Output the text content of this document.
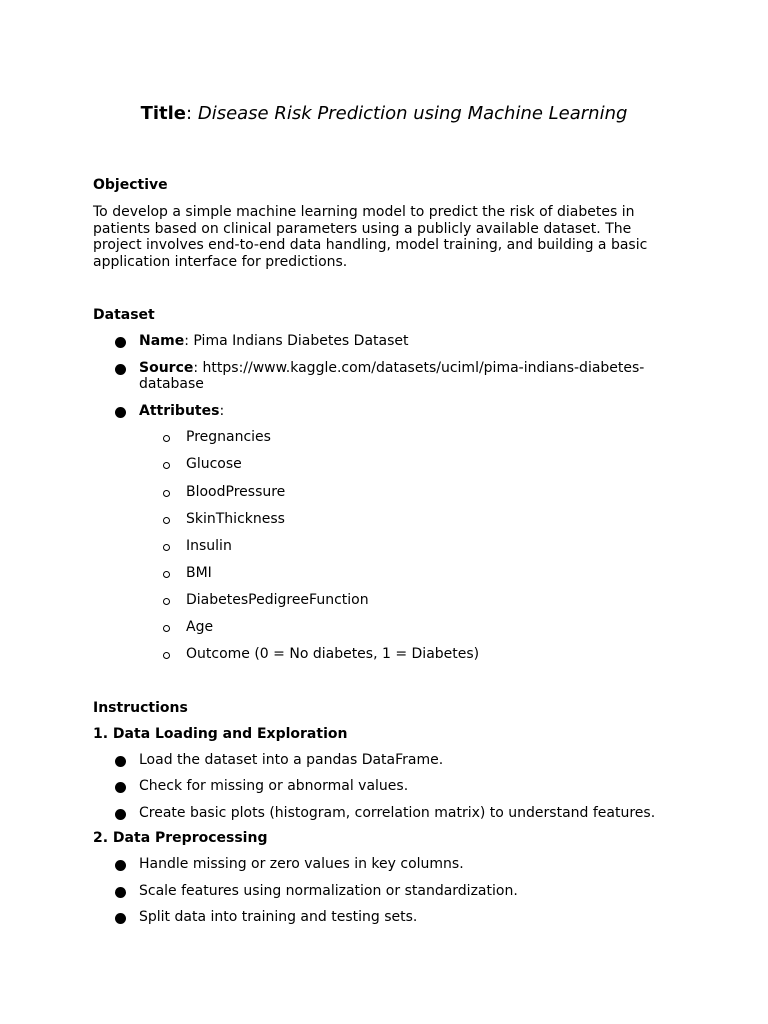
Title: Disease Risk Prediction using Machine Learning

Objective

To develop a simple machine learning model to predict the risk of diabetes in
patients based on clinical parameters using a publicly available dataset. The
project involves end-to-end data handling, model training, and building a basic
application interface for predictions.

Dataset

Name: Pima Indians Diabetes Dataset
Source: https://www.kaggle.com/datasets/uciml/pima-indians-diabetes-
database
Attributes:
Pregnancies
Glucose
BloodPressure
SkinThickness
Insulin
BMI
DiabetesPedigreeFunction
Age
Outcome (0 = No diabetes, 1 = Diabetes)

Instructions

1. Data Loading and Exploration

Load the dataset into a pandas DataFrame.
Check for missing or abnormal values.
Create basic plots (histogram, correlation matrix) to understand features.

2. Data Preprocessing

Handle missing or zero values in key columns.
Scale features using normalization or standardization.
Split data into training and testing sets.
